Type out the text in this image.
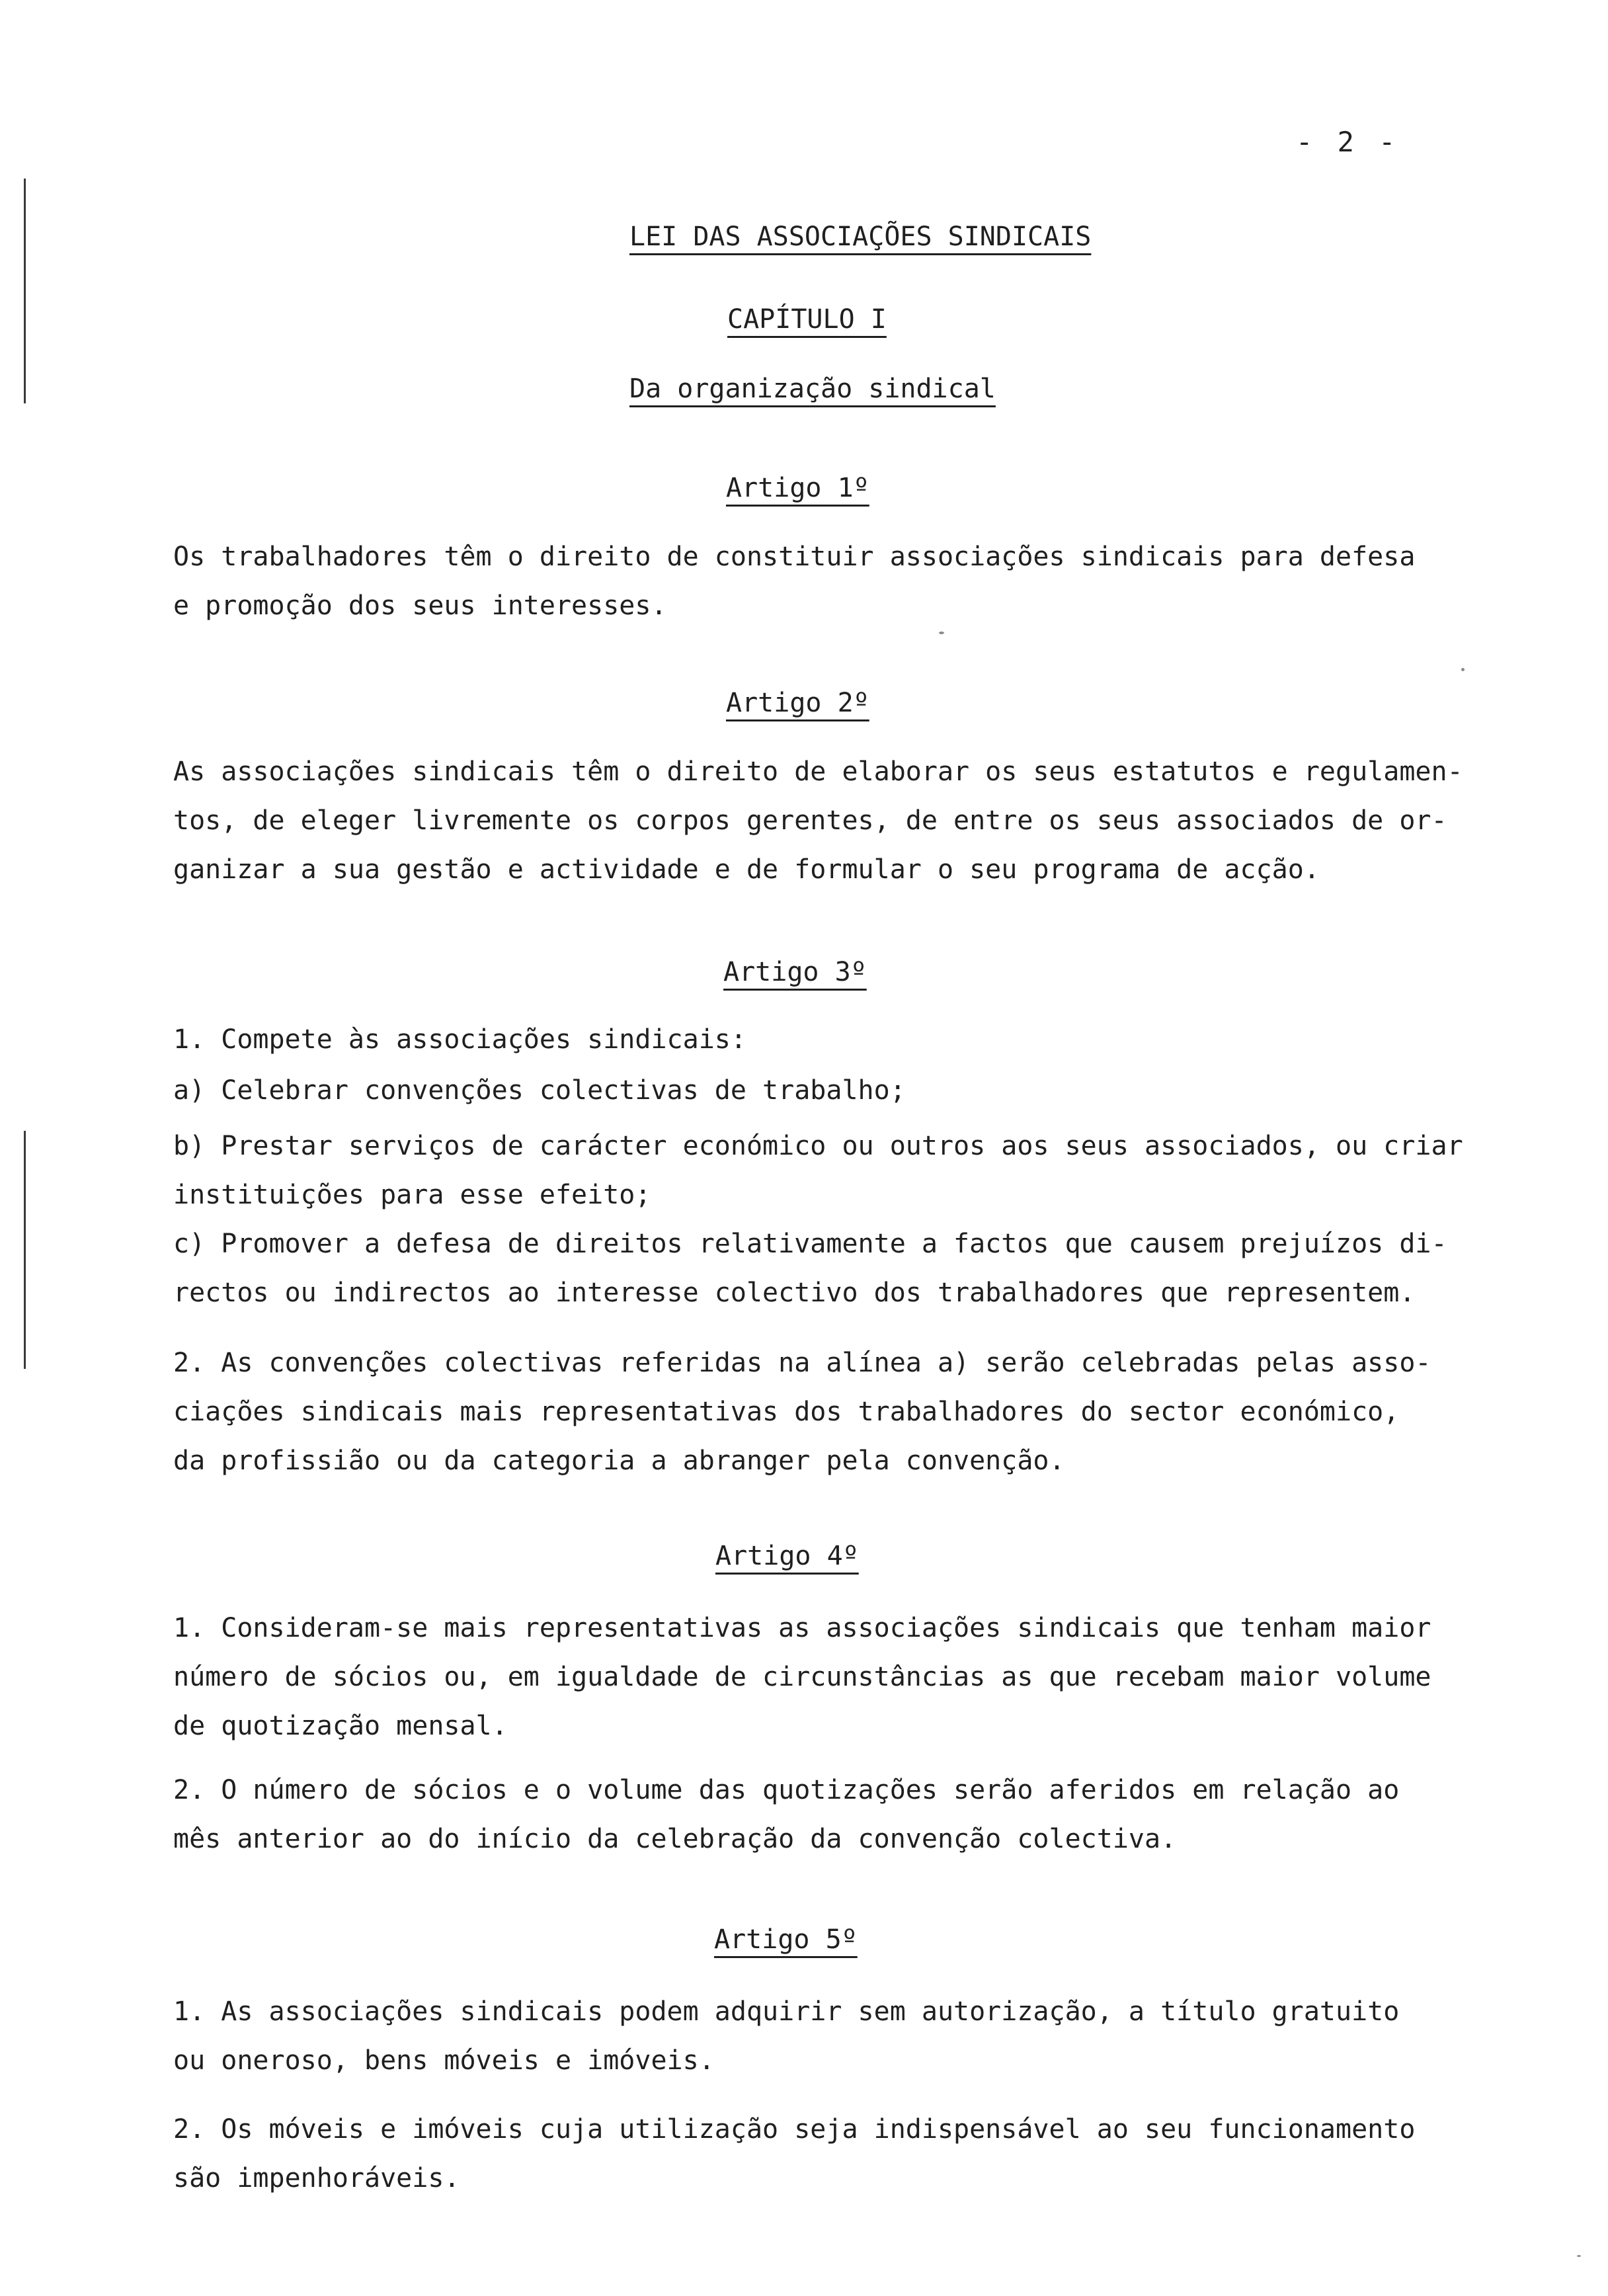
- 2 -
LEI DAS ASSOCIAÇÕES SINDICAIS
CAPÍTULO I
Da organização sindical
Artigo 1º

Os trabalhadores têm o direito de constituir associações sindicais para defesa
e promoção dos seus interesses.

Artigo 2º

As associações sindicais têm o direito de elaborar os seus estatutos e regulamen-
tos, de eleger livremente os corpos gerentes, de entre os seus associados de or-
ganizar a sua gestão e actividade e de formular o seu programa de acção.

Artigo 3º

1. Compete às associações sindicais:

a) Celebrar convenções colectivas de trabalho;

b) Prestar serviços de carácter económico ou outros aos seus associados, ou criar
instituições para esse efeito;

c) Promover a defesa de direitos relativamente a factos que causem prejuízos di-
rectos ou indirectos ao interesse colectivo dos trabalhadores que representem.

2. As convenções colectivas referidas na alínea a) serão celebradas pelas asso-
ciações sindicais mais representativas dos trabalhadores do sector económico,
da profissião ou da categoria a abranger pela convenção.

Artigo 4º

1. Consideram-se mais representativas as associações sindicais que tenham maior
número de sócios ou, em igualdade de circunstâncias as que recebam maior volume
de quotização mensal.

2. O número de sócios e o volume das quotizações serão aferidos em relação ao
mês anterior ao do início da celebração da convenção colectiva.

Artigo 5º

1. As associações sindicais podem adquirir sem autorização, a título gratuito
ou oneroso, bens móveis e imóveis.

2. Os móveis e imóveis cuja utilização seja indispensável ao seu funcionamento
são impenhoráveis.
